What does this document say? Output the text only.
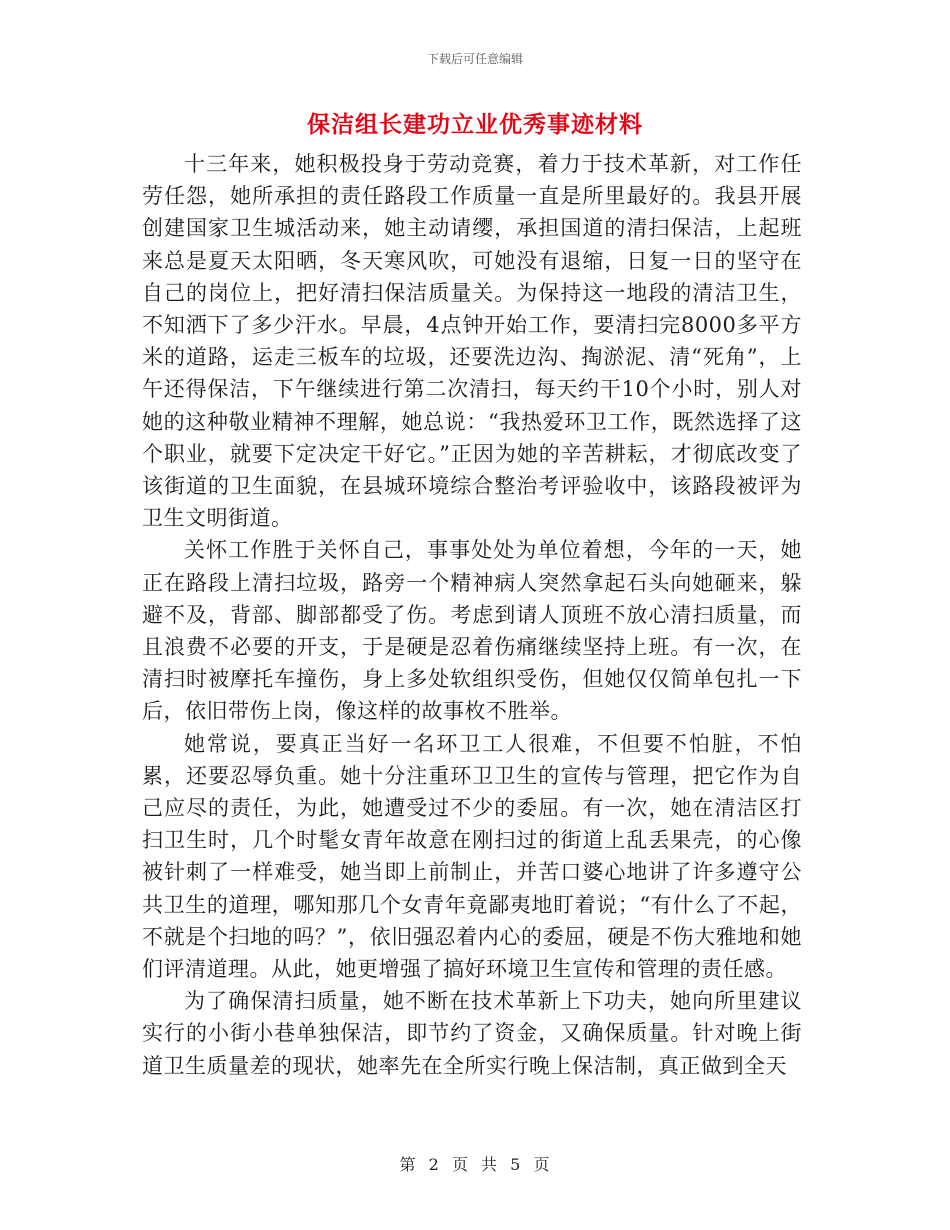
下载后可任意编辑
保洁组长建功立业优秀事迹材料

十三年来，她积极投身于劳动竞赛，着力于技术革新，对工作任劳任怨，她所承担的责任路段工作质量一直是所里最好的。我县开展创建国家卫生城活动来，她主动请缨，承担国道的清扫保洁，上起班来总是夏天太阳晒，冬天寒风吹，可她没有退缩，日复一日的坚守在自己的岗位上，把好清扫保洁质量关。为保持这一地段的清洁卫生，不知洒下了多少汗水。早晨，4点钟开始工作，要清扫完8000多平方米的道路，运走三板车的垃圾，还要洗边沟、掏淤泥、清“死角”，上午还得保洁，下午继续进行第二次清扫，每天约干10个小时，别人对她的这种敬业精神不理解，她总说：“我热爱环卫工作，既然选择了这个职业，就要下定决定干好它。”正因为她的辛苦耕耘，才彻底改变了该街道的卫生面貌，在县城环境综合整治考评验收中，该路段被评为卫生文明街道。

关怀工作胜于关怀自己，事事处处为单位着想，今年的一天，她正在路段上清扫垃圾，路旁一个精神病人突然拿起石头向她砸来，躲避不及，背部、脚部都受了伤。考虑到请人顶班不放心清扫质量，而且浪费不必要的开支，于是硬是忍着伤痛继续坚持上班。有一次，在清扫时被摩托车撞伤，身上多处软组织受伤，但她仅仅简单包扎一下后，依旧带伤上岗，像这样的故事枚不胜举。

她常说，要真正当好一名环卫工人很难，不但要不怕脏，不怕累，还要忍辱负重。她十分注重环卫卫生的宣传与管理，把它作为自己应尽的责任，为此，她遭受过不少的委屈。有一次，她在清洁区打扫卫生时，几个时髦女青年故意在刚扫过的街道上乱丢果壳，的心像被针刺了一样难受，她当即上前制止，并苦口婆心地讲了许多遵守公共卫生的道理，哪知那几个女青年竟鄙夷地盯着说；“有什么了不起，不就是个扫地的吗？”，依旧强忍着内心的委屈，硬是不伤大雅地和她们评清道理。从此，她更增强了搞好环境卫生宣传和管理的责任感。

为了确保清扫质量，她不断在技术革新上下功夫，她向所里建议实行的小街小巷单独保洁，即节约了资金，又确保质量。针对晚上街道卫生质量差的现状，她率先在全所实行晚上保洁制，真正做到全天

第 2 页 共 5 页
